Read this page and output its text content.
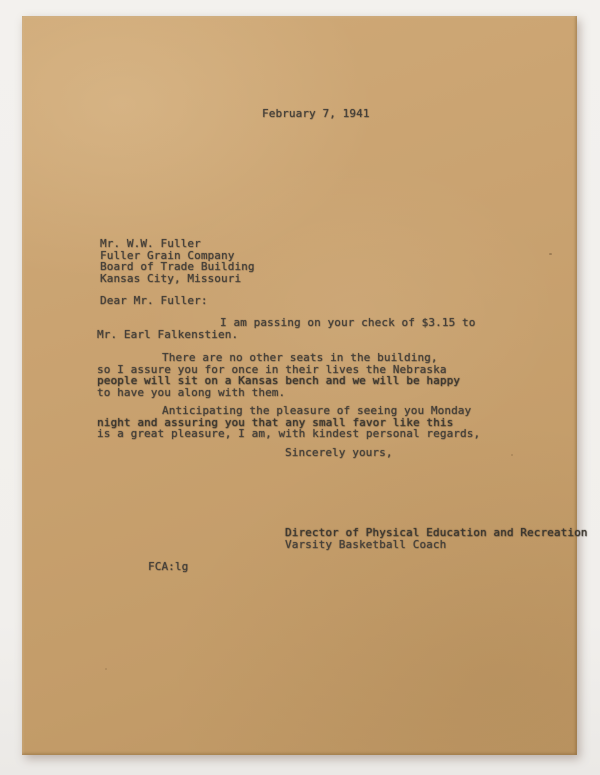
February 7, 1941
Mr. W.W. Fuller
Fuller Grain Company
Board of Trade Building
Kansas City, Missouri
Dear Mr. Fuller:
I am passing on your check of $3.15 to
Mr. Earl Falkenstien.
There are no other seats in the building,
so I assure you for once in their lives the Nebraska
people will sit on a Kansas bench and we will be happy
to have you along with them.
Anticipating the pleasure of seeing you Monday
night and assuring you that any small favor like this
is a great pleasure, I am, with kindest personal regards,
Sincerely yours,
Director of Physical Education and Recreation
Varsity Basketball Coach
FCA:lg
